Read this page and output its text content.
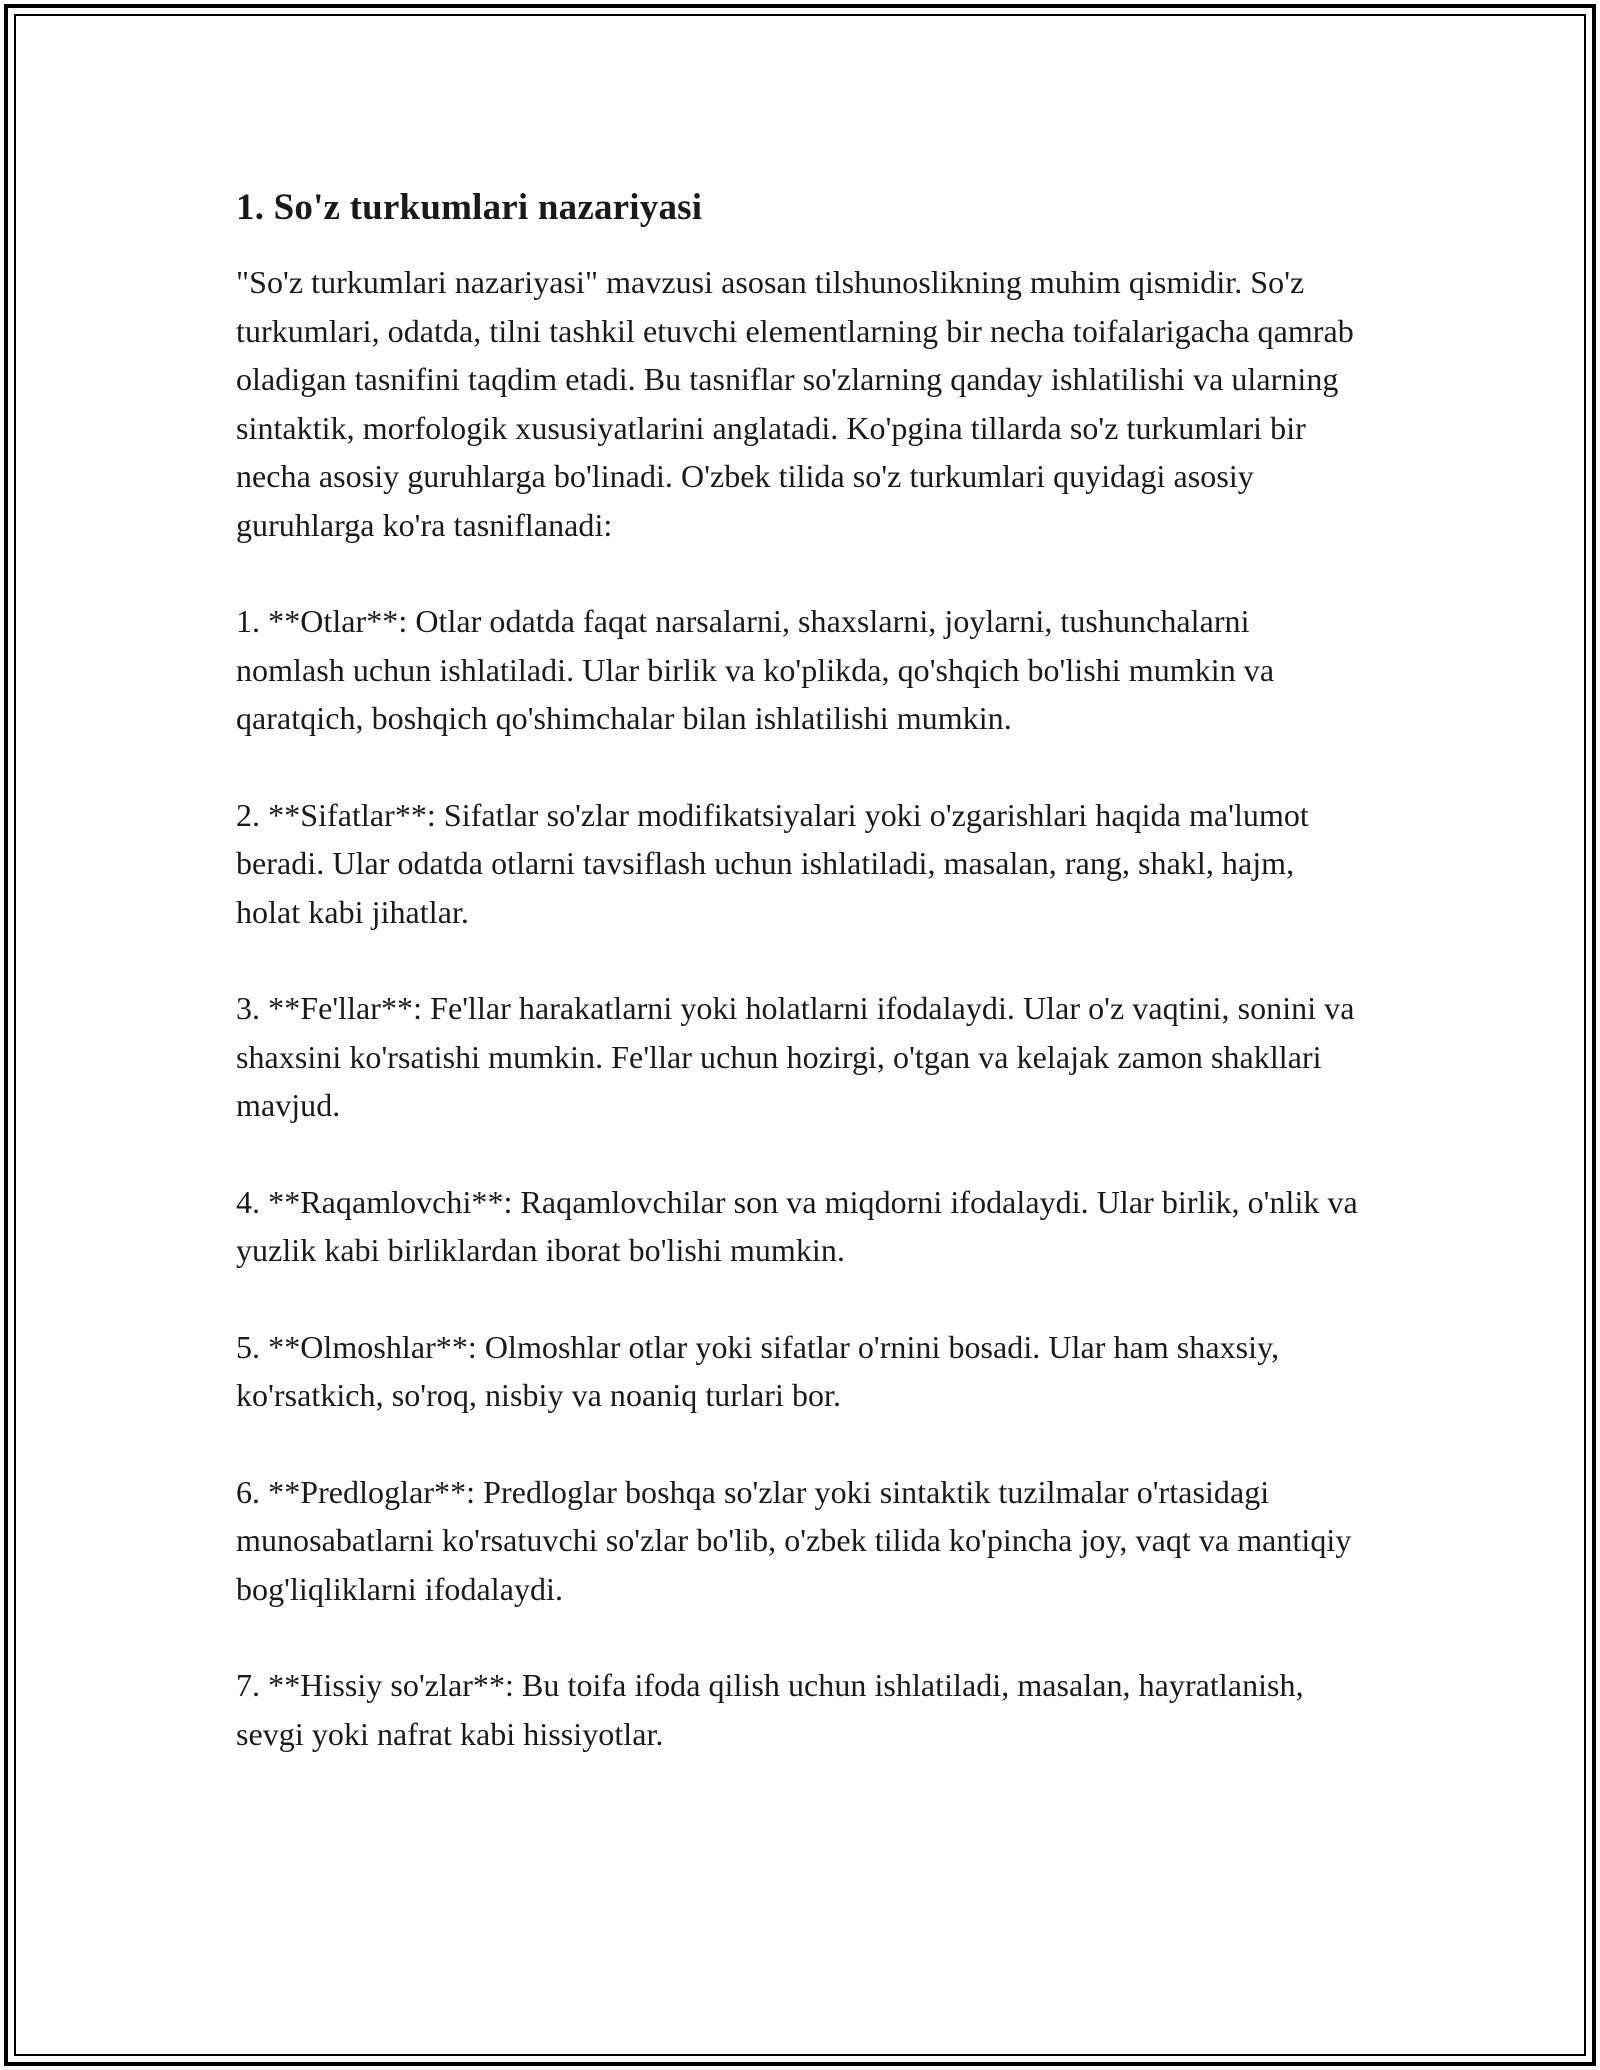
1. So'z turkumlari nazariyasi

"So'z turkumlari nazariyasi" mavzusi asosan tilshunoslikning muhim qismidir. So'z turkumlari, odatda, tilni tashkil etuvchi elementlarning bir necha toifalarigacha qamrab oladigan tasnifini taqdim etadi. Bu tasniflar so'zlarning qanday ishlatilishi va ularning sintaktik, morfologik xususiyatlarini anglatadi. Ko'pgina tillarda so'z turkumlari bir necha asosiy guruhlarga bo'linadi. O'zbek tilida so'z turkumlari quyidagi asosiy guruhlarga ko'ra tasniflanadi:

1. **Otlar**: Otlar odatda faqat narsalarni, shaxslarni, joylarni, tushunchalarni nomlash uchun ishlatiladi. Ular birlik va ko'plikda, qo'shqich bo'lishi mumkin va qaratqich, boshqich qo'shimchalar bilan ishlatilishi mumkin.

2. **Sifatlar**: Sifatlar so'zlar modifikatsiyalari yoki o'zgarishlari haqida ma'lumot beradi. Ular odatda otlarni tavsiflash uchun ishlatiladi, masalan, rang, shakl, hajm, holat kabi jihatlar.

3. **Fe'llar**: Fe'llar harakatlarni yoki holatlarni ifodalaydi. Ular o'z vaqtini, sonini va shaxsini ko'rsatishi mumkin. Fe'llar uchun hozirgi, o'tgan va kelajak zamon shakllari mavjud.

4. **Raqamlovchi**: Raqamlovchilar son va miqdorni ifodalaydi. Ular birlik, o'nlik va yuzlik kabi birliklardan iborat bo'lishi mumkin.

5. **Olmoshlar**: Olmoshlar otlar yoki sifatlar o'rnini bosadi. Ular ham shaxsiy, ko'rsatkich, so'roq, nisbiy va noaniq turlari bor.

6. **Predloglar**: Predloglar boshqa so'zlar yoki sintaktik tuzilmalar o'rtasidagi munosabatlarni ko'rsatuvchi so'zlar bo'lib, o'zbek tilida ko'pincha joy, vaqt va mantiqiy bog'liqliklarni ifodalaydi.

7. **Hissiy so'zlar**: Bu toifa ifoda qilish uchun ishlatiladi, masalan, hayratlanish, sevgi yoki nafrat kabi hissiyotlar.
